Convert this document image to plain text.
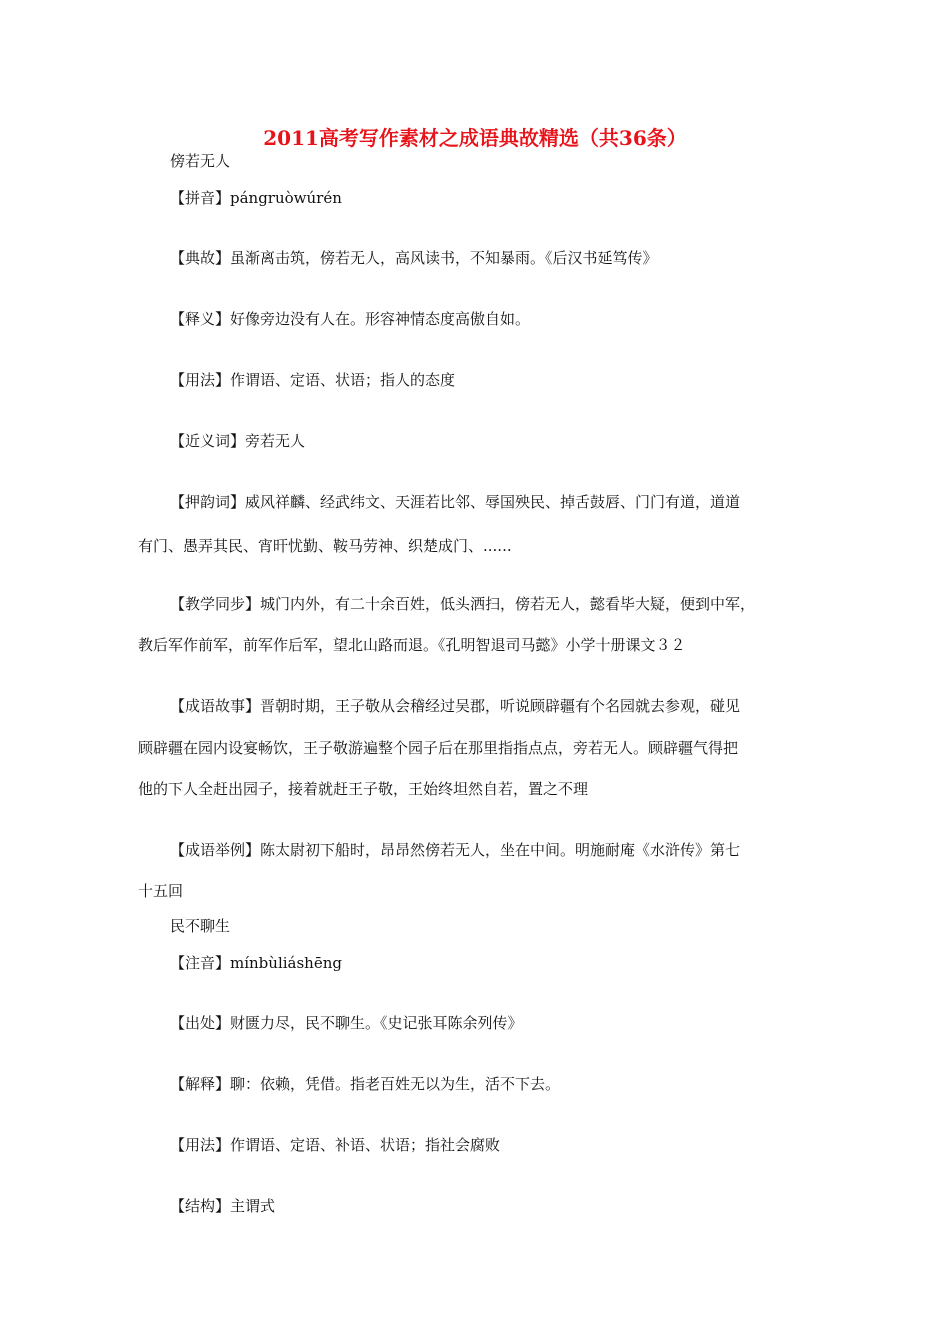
2011高考写作素材之成语典故精选（共36条）

傍若无人

【拼音】pángruòwúrén

【典故】虽渐离击筑，傍若无人，高风读书，不知暴雨。《后汉书延笃传》

【释义】好像旁边没有人在。形容神情态度高傲自如。

【用法】作谓语、定语、状语；指人的态度

【近义词】旁若无人

【押韵词】威风祥麟、经武纬文、天涯若比邻、辱国殃民、掉舌鼓唇、门门有道，道道

有门、愚弄其民、宵旰忧勤、鞍马劳神、织楚成门、......

【教学同步】城门内外，有二十余百姓，低头洒扫，傍若无人，懿看毕大疑，便到中军，

教后军作前军，前军作后军，望北山路而退。《孔明智退司马懿》小学十册课文３２

【成语故事】晋朝时期，王子敬从会稽经过吴郡，听说顾辟疆有个名园就去参观，碰见

顾辟疆在园内设宴畅饮，王子敬游遍整个园子后在那里指指点点，旁若无人。顾辟疆气得把

他的下人全赶出园子，接着就赶王子敬，王始终坦然自若，置之不理

【成语举例】陈太尉初下船时，昂昂然傍若无人，坐在中间。明施耐庵《水浒传》第七

十五回

民不聊生

【注音】mínbùliáshēng

【出处】财匮力尽，民不聊生。《史记张耳陈余列传》

【解释】聊：依赖，凭借。指老百姓无以为生，活不下去。

【用法】作谓语、定语、补语、状语；指社会腐败

【结构】主谓式
